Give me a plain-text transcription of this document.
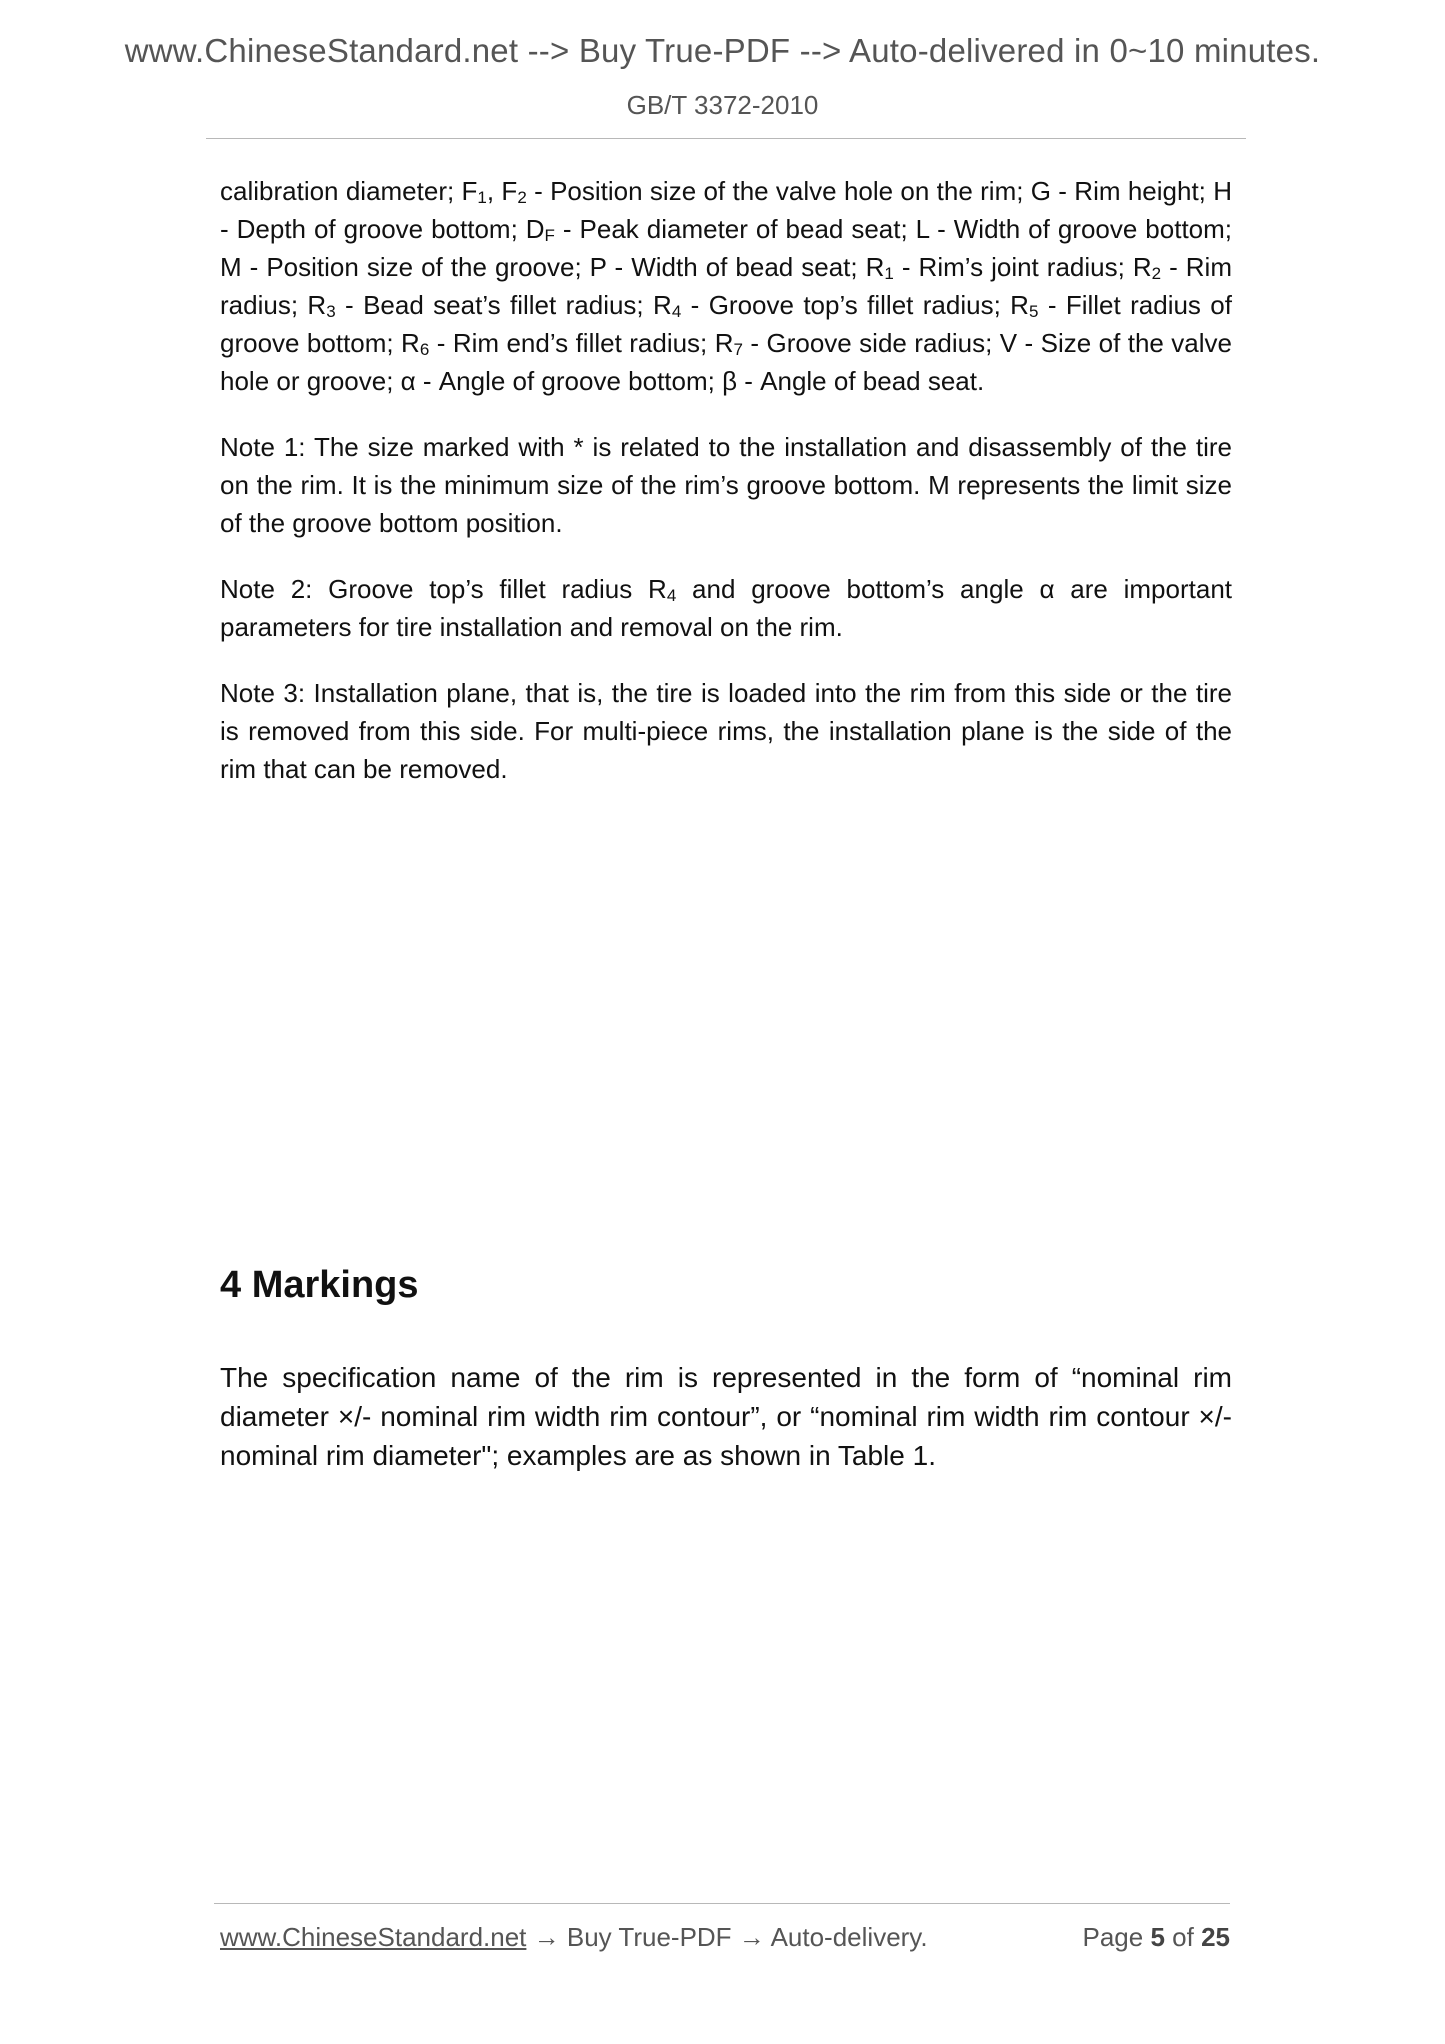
www.ChineseStandard.net --> Buy True-PDF --> Auto-delivered in 0~10 minutes.
GB/T 3372-2010

calibration diameter; $F_1$, $F_2$ - Position size of the valve hole on the rim; G - Rim height; H - Depth of groove bottom; $D_F$ - Peak diameter of bead seat; L - Width of groove bottom; M - Position size of the groove; P - Width of bead seat; $R_1$ - Rim’s joint radius; $R_2$ - Rim radius; $R_3$ - Bead seat’s fillet radius; $R_4$ - Groove top’s fillet radius; $R_5$ - Fillet radius of groove bottom; $R_6$ - Rim end’s fillet radius; $R_7$ - Groove side radius; V - Size of the valve hole or groove; α - Angle of groove bottom; β - Angle of bead seat.

Note 1: The size marked with * is related to the installation and disassembly of the tire on the rim. It is the minimum size of the rim’s groove bottom. M represents the limit size of the groove bottom position.

Note 2: Groove top’s fillet radius $R_4$ and groove bottom’s angle α are important parameters for tire installation and removal on the rim.

Note 3: Installation plane, that is, the tire is loaded into the rim from this side or the tire is removed from this side. For multi-piece rims, the installation plane is the side of the rim that can be removed.

4 Markings

The specification name of the rim is represented in the form of “nominal rim diameter ×/- nominal rim width rim contour”, or “nominal rim width rim contour ×/- nominal rim diameter"; examples are as shown in Table 1.

www.ChineseStandard.net → Buy True-PDF → Auto-delivery.	Page 5 of 25
